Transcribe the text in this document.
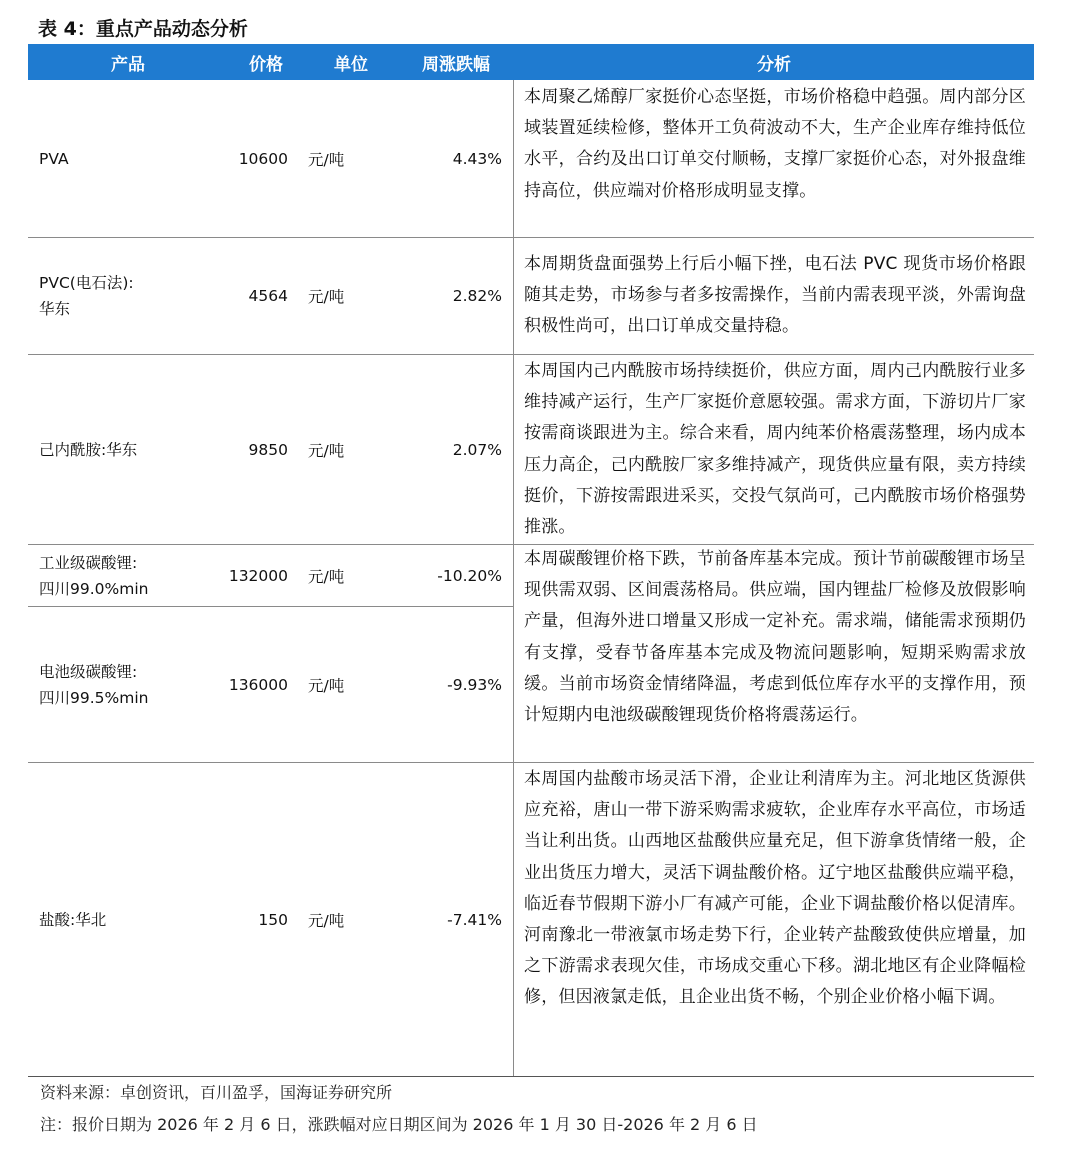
表 4：重点产品动态分析
产品	价格	单位	周涨跌幅	分析
PVA	10600 元/吨	4.43%
本周聚乙烯醇厂家挺价心态坚挺，市场价格稳中趋强。周内部分区域装置延续检修，整体开工负荷波动不大，生产企业库存维持低位水平，合约及出口订单交付顺畅，支撑厂家挺价心态，对外报盘维持高位，供应端对价格形成明显支撑。
PVC(电石法):
华东
4564 元/吨	2.82%
本周期货盘面强势上行后小幅下挫，电石法 PVC 现货市场价格跟随其走势，市场参与者多按需操作，当前内需表现平淡，外需询盘积极性尚可，出口订单成交量持稳。
己内酰胺:华东	9850 元/吨	2.07%
本周国内己内酰胺市场持续挺价，供应方面，周内己内酰胺行业多维持减产运行，生产厂家挺价意愿较强。需求方面，下游切片厂家按需商谈跟进为主。综合来看，周内纯苯价格震荡整理，场内成本压力高企，己内酰胺厂家多维持减产，现货供应量有限，卖方持续挺价，下游按需跟进采买，交投气氛尚可，己内酰胺市场价格强势推涨。
工业级碳酸锂:
四川99.0%min
132000 元/吨	-10.20%
电池级碳酸锂:
四川99.5%min
136000 元/吨	-9.93%
本周碳酸锂价格下跌，节前备库基本完成。预计节前碳酸锂市场呈现供需双弱、区间震荡格局。供应端，国内锂盐厂检修及放假影响产量，但海外进口增量又形成一定补充。需求端，储能需求预期仍有支撑，受春节备库基本完成及物流问题影响，短期采购需求放缓。当前市场资金情绪降温，考虑到低位库存水平的支撑作用，预计短期内电池级碳酸锂现货价格将震荡运行。
盐酸:华北	150 元/吨	-7.41%
本周国内盐酸市场灵活下滑，企业让利清库为主。河北地区货源供应充裕，唐山一带下游采购需求疲软，企业库存水平高位，市场适当让利出货。山西地区盐酸供应量充足，但下游拿货情绪一般，企业出货压力增大，灵活下调盐酸价格。辽宁地区盐酸供应端平稳，临近春节假期下游小厂有减产可能，企业下调盐酸价格以促清库。河南豫北一带液氯市场走势下行，企业转产盐酸致使供应增量，加之下游需求表现欠佳，市场成交重心下移。湖北地区有企业降幅检修，但因液氯走低，且企业出货不畅，个别企业价格小幅下调。
资料来源：卓创资讯，百川盈孚，国海证券研究所
注：报价日期为 2026 年 2 月 6 日，涨跌幅对应日期区间为 2026 年 1 月 30 日-2026 年 2 月 6 日
